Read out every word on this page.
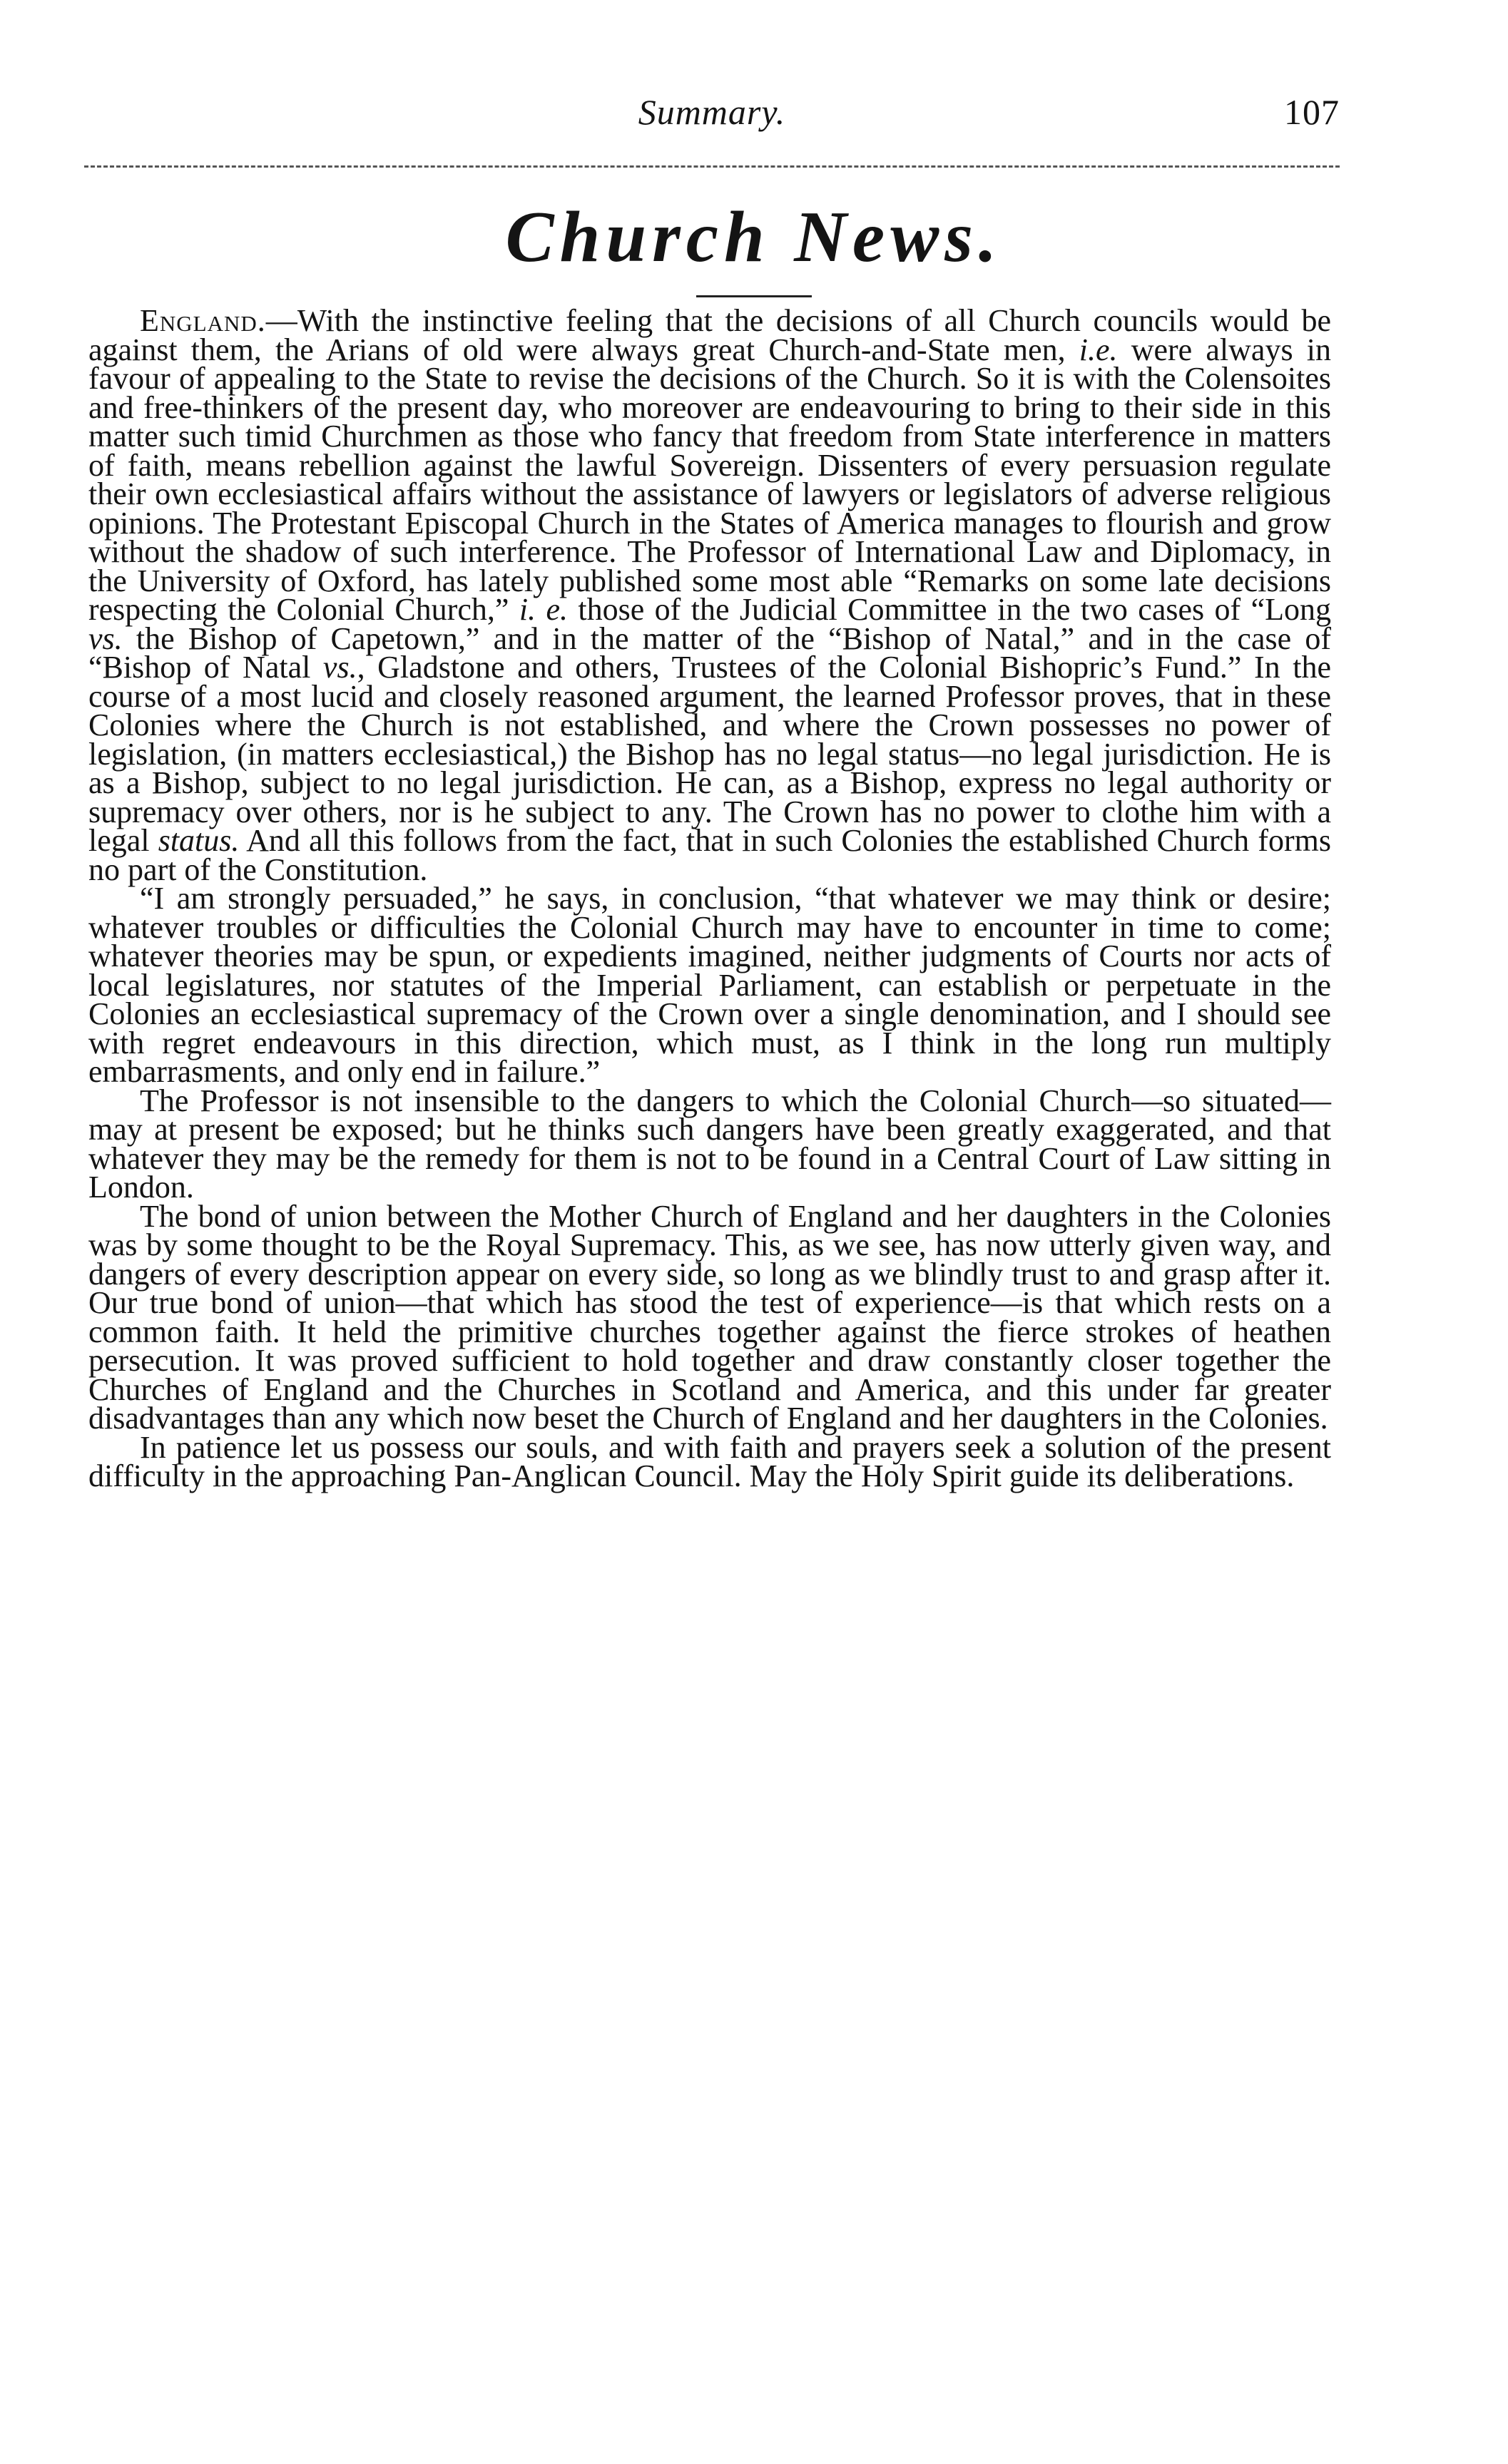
Summary.	107
Church News.

England.—With the instinctive feeling that the decisions of all Church councils would be against them, the Arians of old were always great Church-and-State men, i.e. were always in favour of appealing to the State to revise the decisions of the Church. So it is with the Colensoites and free-thinkers of the present day, who moreover are endeavouring to bring to their side in this matter such timid Churchmen as those who fancy that freedom from State interference in matters of faith, means rebellion against the lawful Sovereign. Dissenters of every persuasion regulate their own ecclesiastical affairs without the assistance of lawyers or legislators of adverse religious opinions. The Protestant Episcopal Church in the States of America manages to flourish and grow without the shadow of such interference. The Professor of International Law and Diplomacy, in the University of Oxford, has lately published some most able “Remarks on some late decisions respecting the Colonial Church,” i. e. those of the Judicial Committee in the two cases of “Long vs. the Bishop of Capetown,” and in the matter of the “Bishop of Natal,” and in the case of “Bishop of Natal vs., Gladstone and others, Trustees of the Colonial Bishopric’s Fund.” In the course of a most lucid and closely reasoned argument, the learned Professor proves, that in these Colonies where the Church is not established, and where the Crown possesses no power of legislation, (in matters ecclesiastical,) the Bishop has no legal status—no legal jurisdiction. He is as a Bishop, subject to no legal jurisdiction. He can, as a Bishop, express no legal authority or supremacy over others, nor is he subject to any. The Crown has no power to clothe him with a legal status. And all this follows from the fact, that in such Colonies the established Church forms no part of the Constitution.

“I am strongly persuaded,” he says, in conclusion, “that whatever we may think or desire; whatever troubles or difficulties the Colonial Church may have to encounter in time to come; whatever theories may be spun, or expedients imagined, neither judgments of Courts nor acts of local legislatures, nor statutes of the Imperial Parliament, can establish or perpetuate in the Colonies an ecclesiastical supremacy of the Crown over a single denomination, and I should see with regret endeavours in this direction, which must, as I think in the long run multiply embarrasments, and only end in failure.”

The Professor is not insensible to the dangers to which the Colonial Church—so situated—may at present be exposed; but he thinks such dangers have been greatly exaggerated, and that whatever they may be the remedy for them is not to be found in a Central Court of Law sitting in London.

The bond of union between the Mother Church of England and her daughters in the Colonies was by some thought to be the Royal Supremacy. This, as we see, has now utterly given way, and dangers of every description appear on every side, so long as we blindly trust to and grasp after it. Our true bond of union—that which has stood the test of experience—is that which rests on a common faith. It held the primitive churches together against the fierce strokes of heathen persecution. It was proved sufficient to hold together and draw constantly closer together the Churches of England and the Churches in Scotland and America, and this under far greater disadvantages than any which now beset the Church of England and her daughters in the Colonies.

In patience let us possess our souls, and with faith and prayers seek a solution of the present difficulty in the approaching Pan-Anglican Council. May the Holy Spirit guide its deliberations.
